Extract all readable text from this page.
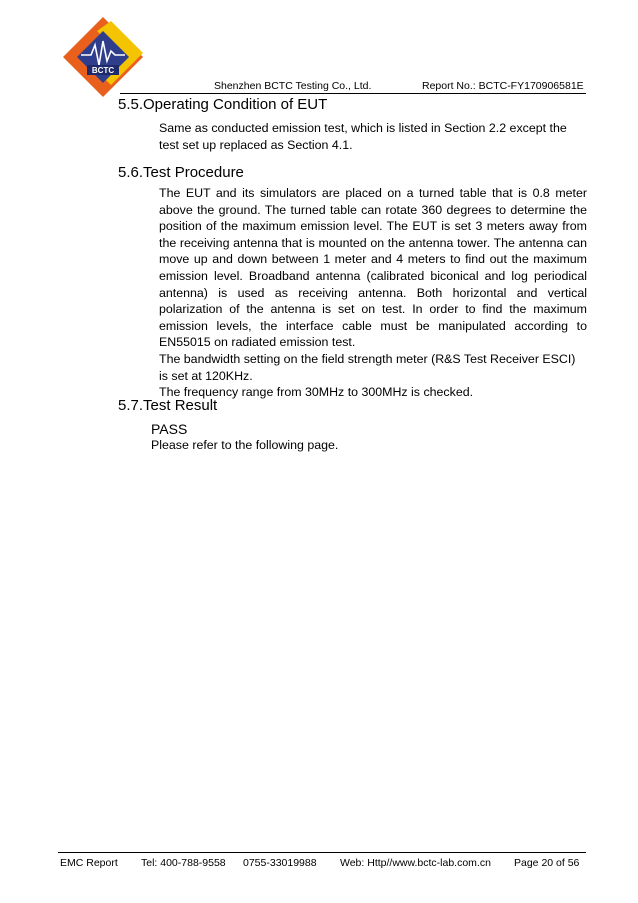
BCTC
Shenzhen BCTC Testing Co., Ltd.	Report No.: BCTC-FY170906581E
5.5.Operating Condition of EUT

Same as conducted emission test, which is listed in Section 2.2 except the test set up replaced as Section 4.1.

5.6.Test Procedure

The EUT and its simulators are placed on a turned table that is 0.8 meter above the ground. The turned table can rotate 360 degrees to determine the position of the maximum emission level. The EUT is set 3 meters away from the receiving antenna that is mounted on the antenna tower. The antenna can move up and down between 1 meter and 4 meters to find out the maximum emission level. Broadband antenna (calibrated biconical and log periodical antenna) is used as receiving antenna. Both horizontal and vertical polarization of the antenna is set on test. In order to find the maximum emission levels, the interface cable must be manipulated according to EN55015 on radiated emission test.

The bandwidth setting on the field strength meter (R&S Test Receiver ESCI) is set at 120KHz.

The frequency range from 30MHz to 300MHz is checked.

5.7.Test Result
PASS
Please refer to the following page.
EMC Report Tel: 400-788-9558 0755-33019988 Web: Http//www.bctc-lab.com.cn Page 20 of 56
